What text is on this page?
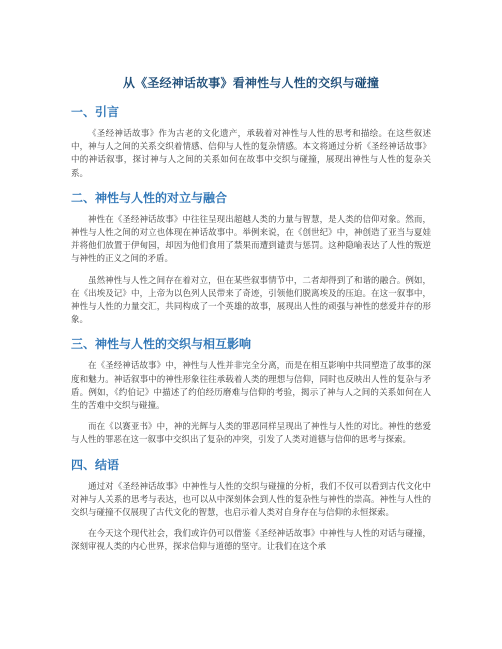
从《圣经神话故事》看神性与人性的交织与碰撞
一、引言

《圣经神话故事》作为古老的文化遗产，承载着对神性与人性的思考和描绘。在这些叙述中，神与人之间的关系交织着情感、信仰与人性的复杂情感。本文将通过分析《圣经神话故事》中的神话叙事，探讨神与人之间的关系如何在故事中交织与碰撞，展现出神性与人性的复杂关系。

二、神性与人性的对立与融合

神性在《圣经神话故事》中往往呈现出超越人类的力量与智慧，是人类的信仰对象。然而，神性与人性之间的对立也体现在神话故事中。举例来说，在《创世纪》中，神创造了亚当与夏娃并将他们放置于伊甸园，却因为他们食用了禁果而遭到谴责与惩罚。这种隐喻表达了人性的叛逆与神性的正义之间的矛盾。

虽然神性与人性之间存在着对立，但在某些叙事情节中，二者却得到了和谐的融合。例如，在《出埃及记》中，上帝为以色列人民带来了奇迹，引领他们脱离埃及的压迫。在这一叙事中，神性与人性的力量交汇，共同构成了一个英雄的故事，展现出人性的顽强与神性的慈爱并存的形象。

三、神性与人性的交织与相互影响

在《圣经神话故事》中，神性与人性并非完全分离，而是在相互影响中共同塑造了故事的深度和魅力。神话叙事中的神性形象往往承载着人类的理想与信仰，同时也反映出人性的复杂与矛盾。例如，《约伯记》中描述了约伯经历磨难与信仰的考验，揭示了神与人之间的关系如何在人生的苦难中交织与碰撞。

而在《以赛亚书》中，神的光辉与人类的罪恶同样呈现出了神性与人性的对比。神性的慈爱与人性的罪恶在这一叙事中交织出了复杂的冲突，引发了人类对道德与信仰的思考与探索。

四、结语

通过对《圣经神话故事》中神性与人性的交织与碰撞的分析，我们不仅可以看到古代文化中对神与人关系的思考与表达，也可以从中深刻体会到人性的复杂性与神性的崇高。神性与人性的交织与碰撞不仅展现了古代文化的智慧，也启示着人类对自身存在与信仰的永恒探索。

在今天这个现代社会，我们或许仍可以借鉴《圣经神话故事》中神性与人性的对话与碰撞，深刻审视人类的内心世界，探求信仰与道德的坚守。让我们在这个承
